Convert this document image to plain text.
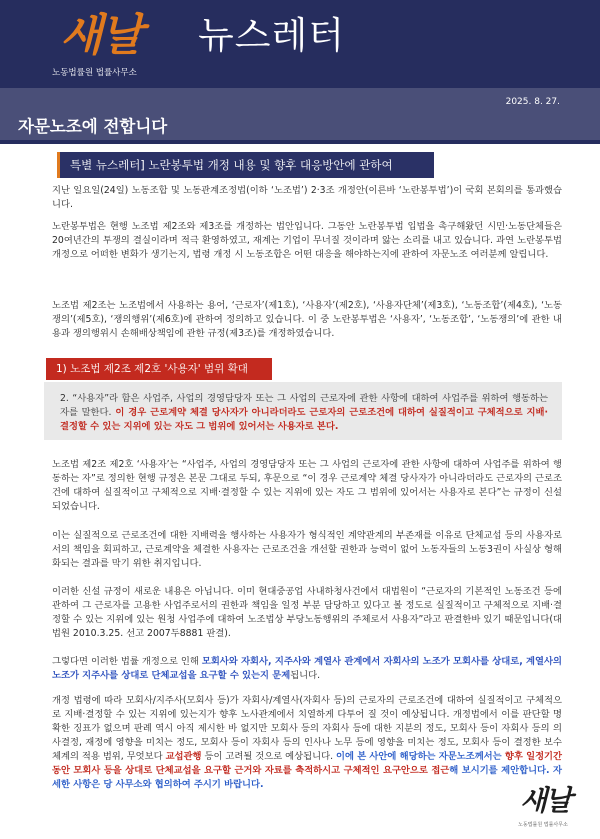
새날
노동법률원 법률사무소
뉴스레터
2025. 8. 27.
자문노조에 전합니다
특별 뉴스레터] 노란봉투법 개정 내용 및 향후 대응방안에 관하여

지난 일요일(24일) 노동조합 및 노동관계조정법(이하 ‘노조법’) 2·3조 개정안(이른바 ‘노란봉투법’)이 국회 본회의를 통과했습니다.

노란봉투법은 현행 노조법 제2조와 제3조를 개정하는 법안입니다. 그동안 노란봉투법 입법을 촉구해왔던 시민·노동단체들은 20여년간의 투쟁의 결실이라며 적극 환영하였고, 재계는 기업이 무너질 것이라며 앓는 소리를 내고 있습니다. 과연 노란봉투법 개정으로 어떠한 변화가 생기는지, 법령 개정 시 노동조합은 어떤 대응을 해야하는지에 관하여 자문노조 여러분께 알립니다.

노조법 제2조는 노조법에서 사용하는 용어, ‘근로자’(제1호), ‘사용자’(제2호), ‘사용자단체’(제3호), ‘노동조합’(제4호), ‘노동쟁의’(제5호), ‘쟁의행위’(제6호)에 관하여 정의하고 있습니다. 이 중 노란봉투법은 ‘사용자’, ‘노동조합’, ‘노동쟁의’에 관한 내용과 쟁의행위시 손해배상책임에 관한 규정(제3조)를 개정하였습니다.

1) 노조법 제2조 제2호 '사용자' 범위 확대
2. “사용자”라 함은 사업주, 사업의 경영담당자 또는 그 사업의 근로자에 관한 사항에 대하여 사업주를 위하여 행동하는 자를 말한다. 이 경우 근로계약 체결 당사자가 아니라더라도 근로자의 근로조건에 대하여 실질적이고 구체적으로 지배·결정할 수 있는 지위에 있는 자도 그 범위에 있어서는 사용자로 본다.

노조법 제2조 제2호 ‘사용자’는 “사업주, 사업의 경영담당자 또는 그 사업의 근로자에 관한 사항에 대하여 사업주를 위하여 행동하는 자”로 정의한 현행 규정은 본문 그대로 두되, 후문으로 “이 경우 근로계약 체결 당사자가 아니라더라도 근로자의 근로조건에 대하여 실질적이고 구체적으로 지배·결정할 수 있는 지위에 있는 자도 그 범위에 있어서는 사용자로 본다”는 규정이 신설되었습니다.

이는 실질적으로 근로조건에 대한 지배력을 행사하는 사용자가 형식적인 계약관계의 부존재를 이유로 단체교섭 등의 사용자로서의 책임을 회피하고, 근로계약을 체결한 사용자는 근로조건을 개선할 권한과 능력이 없어 노동자들의 노동3권이 사실상 형해화되는 결과를 막기 위한 취지입니다.

이러한 신설 규정이 새로운 내용은 아닙니다. 이미 현대중공업 사내하청사건에서 대법원이 “근로자의 기본적인 노동조건 등에 관하여 그 근로자를 고용한 사업주로서의 권한과 책임을 일정 부분 담당하고 있다고 볼 정도로 실질적이고 구체적으로 지배·결정할 수 있는 지위에 있는 원청 사업주에 대하여 노조법상 부당노동행위의 주체로서 사용자”라고 판결한바 있기 때문입니다(대법원 2010.3.25. 선고 2007두8881 판결).

그렇다면 이러한 법률 개정으로 인해 모회사와 자회사, 지주사와 계열사 관계에서 자회사의 노조가 모회사를 상대로, 계열사의 노조가 지주사를 상대로 단체교섭을 요구할 수 있는지 문제됩니다.

개정 법령에 따라 모회사/지주사(모회사 등)가 자회사/계열사(자회사 등)의 근로자의 근로조건에 대하여 실질적이고 구체적으로 지배·결정할 수 있는 지위에 있는지가 향후 노사관계에서 치열하게 다투어 질 것이 예상됩니다. 개정법에서 이를 판단할 명확한 징표가 없으며 판례 역시 아직 제시한 바 없지만 모회사 등의 자회사 등에 대한 지분의 정도, 모회사 등이 자회사 등의 의사결정, 재정에 영향을 미치는 정도, 모회사 등이 자회사 등의 인사나 노무 등에 영향을 미치는 정도, 모회사 등이 결정한 보수 체계의 적용 범위, 무엇보다 교섭관행 등이 고려될 것으로 예상됩니다. 이에 본 사안에 해당하는 자문노조께서는 향후 일정기간 동안 모회사 등을 상대로 단체교섭을 요구할 근거와 자료를 축적하시고 구체적인 요구안으로 접근해 보시기를 제안합니다. 자세한 사항은 당 사무소와 협의하여 주시기 바랍니다.	새날
노동법률원 법률사무소
